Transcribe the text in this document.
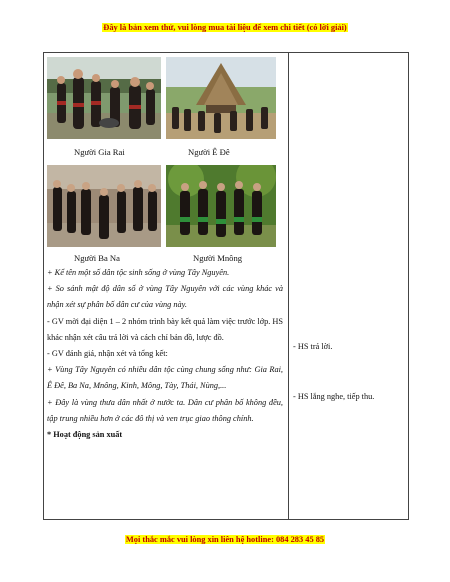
Đây là bản xem thử, vui lòng mua tài liệu để xem chi tiết (có lời giải)
Người Gia Rai	Người Ê Đê
Người Ba Na	Người Mnông

+ Kể tên một số dân tộc sinh sống ở vùng Tây Nguyên.

+ So sánh mật độ dân số ở vùng Tây Nguyên với các vùng khác và nhận xét sự phân bố dân cư của vùng này.

- GV mời đại diện 1 – 2 nhóm trình bày kết quả làm việc trước lớp. HS khác nhận xét câu trả lời và cách chỉ bản đồ, lược đồ.

- GV đánh giá, nhận xét và tổng kết:

+ Vùng Tây Nguyên có nhiều dân tộc cùng chung sống như: Gia Rai, Ê Đê, Ba Na, Mnông, Kinh, Mông, Tày, Thái, Nùng,...

+ Đây là vùng thưa dân nhất ở nước ta. Dân cư phân bố không đều, tập trung nhiều hơn ở các đô thị và ven trục giao thông chính.

* Hoạt động sản xuất

- HS trả lời.
- HS lắng nghe, tiếp thu.
Mọi thắc mắc vui lòng xin liên hệ hotline: 084 283 45 85
